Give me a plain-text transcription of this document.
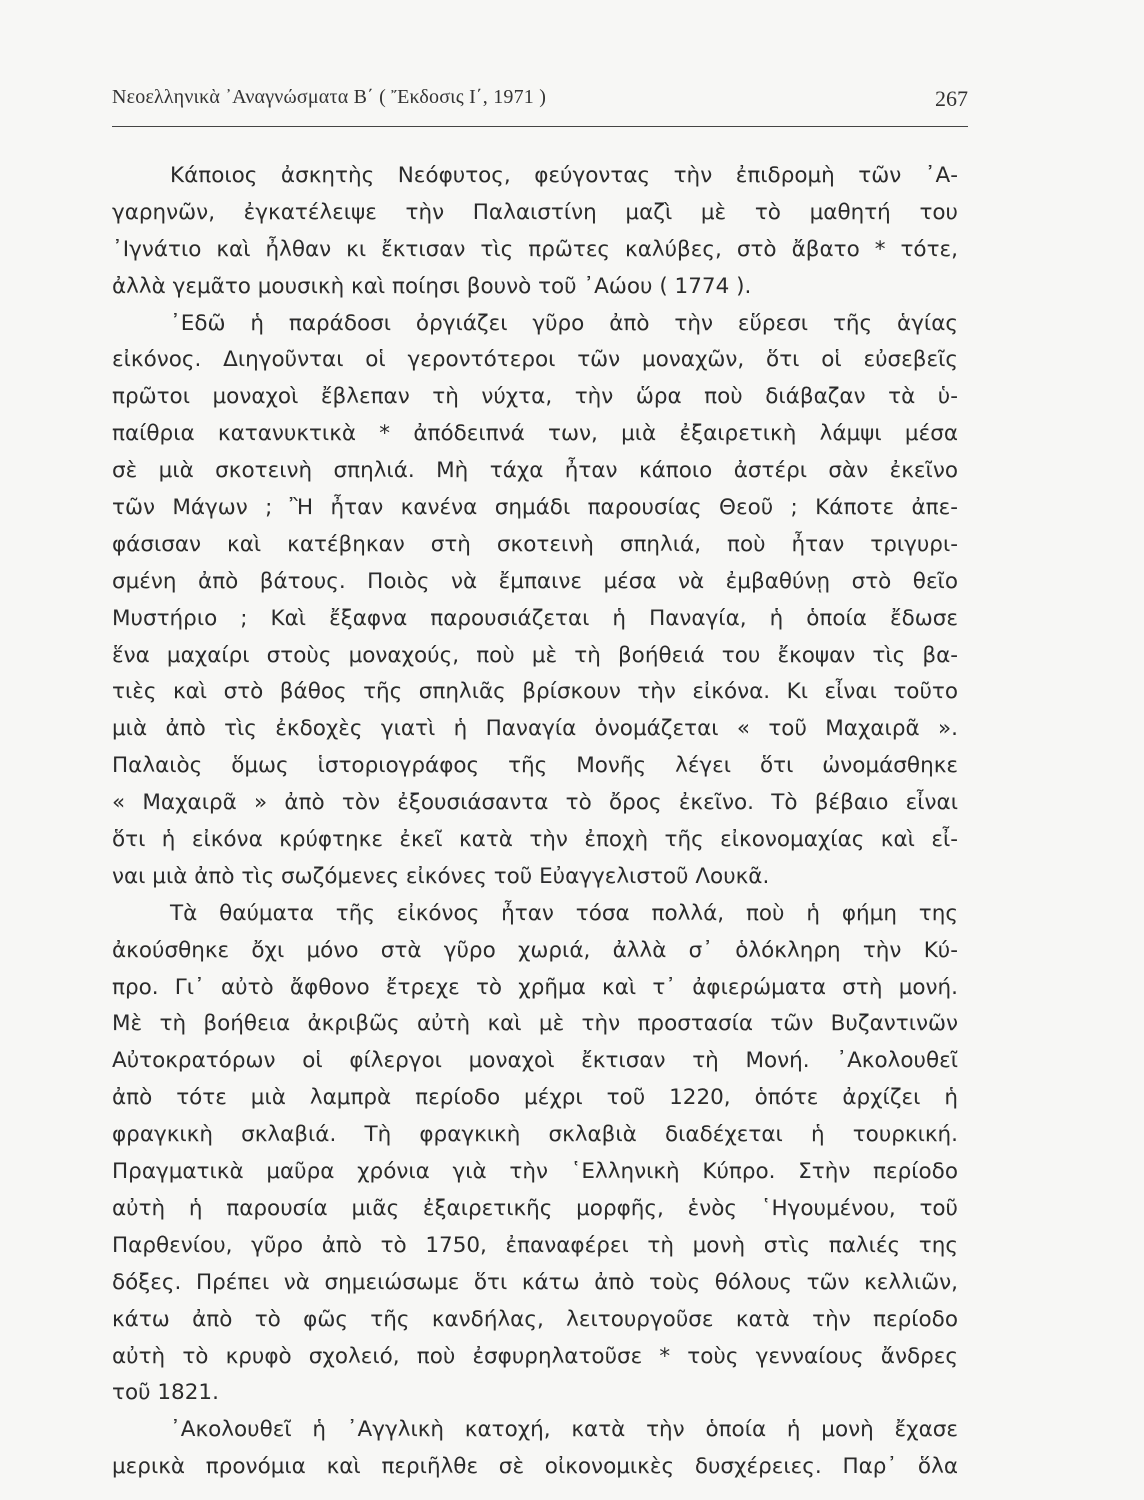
Νεοελληνικὰ ᾿Αναγνώσματα Β΄ ( Ἔκδοσις Ι΄, 1971 )	267
Κάποιος ἀσκητὴς Νεόφυτος, φεύγοντας τὴν ἐπιδρομὴ τῶν ᾿Α-
γαρηνῶν, ἐγκατέλειψε τὴν Παλαιστίνη μαζὶ μὲ τὸ μαθητή του
᾿Ιγνάτιο καὶ ἦλθαν κι ἔκτισαν τὶς πρῶτες καλύβες, στὸ ἄβατο * τότε,
ἀλλὰ γεμᾶτο μουσικὴ καὶ ποίησι βουνὸ τοῦ ᾿Αώου ( 1774 ).
᾿Εδῶ ἡ παράδοσι ὀργιάζει γῦρο ἀπὸ τὴν εὕρεσι τῆς ἁγίας
εἰκόνος. Διηγοῦνται οἱ γεροντότεροι τῶν μοναχῶν, ὅτι οἱ εὐσεβεῖς
πρῶτοι μοναχοὶ ἔβλεπαν τὴ νύχτα, τὴν ὥρα ποὺ διάβαζαν τὰ ὑ-
παίθρια κατανυκτικὰ * ἀπόδειπνά των, μιὰ ἐξαιρετικὴ λάμψι μέσα
σὲ μιὰ σκοτεινὴ σπηλιά. Μὴ τάχα ἦταν κάποιο ἀστέρι σὰν ἐκεῖνο
τῶν Μάγων ; Ἢ ἦταν κανένα σημάδι παρουσίας Θεοῦ ; Κάποτε ἀπε-
φάσισαν καὶ κατέβηκαν στὴ σκοτεινὴ σπηλιά, ποὺ ἦταν τριγυρι-
σμένη ἀπὸ βάτους. Ποιὸς νὰ ἔμπαινε μέσα νὰ ἐμβαθύνῃ στὸ θεῖο
Μυστήριο ; Καὶ ἔξαφνα παρουσιάζεται ἡ Παναγία, ἡ ὁποία ἔδωσε
ἕνα μαχαίρι στοὺς μοναχούς, ποὺ μὲ τὴ βοήθειά του ἔκοψαν τὶς βα-
τιὲς καὶ στὸ βάθος τῆς σπηλιᾶς βρίσκουν τὴν εἰκόνα. Κι εἶναι τοῦτο
μιὰ ἀπὸ τὶς ἐκδοχὲς γιατὶ ἡ Παναγία ὀνομάζεται « τοῦ Μαχαιρᾶ ».
Παλαιὸς ὅμως ἱστοριογράφος τῆς Μονῆς λέγει ὅτι ὠνομάσθηκε
« Μαχαιρᾶ » ἀπὸ τὸν ἐξουσιάσαντα τὸ ὄρος ἐκεῖνο. Τὸ βέβαιο εἶναι
ὅτι ἡ εἰκόνα κρύφτηκε ἐκεῖ κατὰ τὴν ἐποχὴ τῆς εἰκονομαχίας καὶ εἶ-
ναι μιὰ ἀπὸ τὶς σωζόμενες εἰκόνες τοῦ Εὐαγγελιστοῦ Λουκᾶ.
Τὰ θαύματα τῆς εἰκόνος ἦταν τόσα πολλά, ποὺ ἡ φήμη της
ἀκούσθηκε ὄχι μόνο στὰ γῦρο χωριά, ἀλλὰ σ᾿ ὁλόκληρη τὴν Κύ-
προ. Γι᾿ αὐτὸ ἄφθονο ἔτρεχε τὸ χρῆμα καὶ τ᾿ ἀφιερώματα στὴ μονή.
Μὲ τὴ βοήθεια ἀκριβῶς αὐτὴ καὶ μὲ τὴν προστασία τῶν Βυζαντινῶν
Αὐτοκρατόρων οἱ φίλεργοι μοναχοὶ ἔκτισαν τὴ Μονή. ᾿Ακολουθεῖ
ἀπὸ τότε μιὰ λαμπρὰ περίοδο μέχρι τοῦ 1220, ὁπότε ἀρχίζει ἡ
φραγκικὴ σκλαβιά. Τὴ φραγκικὴ σκλαβιὰ διαδέχεται ἡ τουρκική.
Πραγματικὰ μαῦρα χρόνια γιὰ τὴν ῾Ελληνικὴ Κύπρο. Στὴν περίοδο
αὐτὴ ἡ παρουσία μιᾶς ἐξαιρετικῆς μορφῆς, ἑνὸς ῾Ηγουμένου, τοῦ
Παρθενίου, γῦρο ἀπὸ τὸ 1750, ἐπαναφέρει τὴ μονὴ στὶς παλιές της
δόξες. Πρέπει νὰ σημειώσωμε ὅτι κάτω ἀπὸ τοὺς θόλους τῶν κελλιῶν,
κάτω ἀπὸ τὸ φῶς τῆς κανδήλας, λειτουργοῦσε κατὰ τὴν περίοδο
αὐτὴ τὸ κρυφὸ σχολειό, ποὺ ἐσφυρηλατοῦσε * τοὺς γενναίους ἄνδρες
τοῦ 1821.
᾿Ακολουθεῖ ἡ ᾿Αγγλικὴ κατοχή, κατὰ τὴν ὁποία ἡ μονὴ ἔχασε
μερικὰ προνόμια καὶ περιῆλθε σὲ οἰκονομικὲς δυσχέρειες. Παρ᾿ ὅλα
